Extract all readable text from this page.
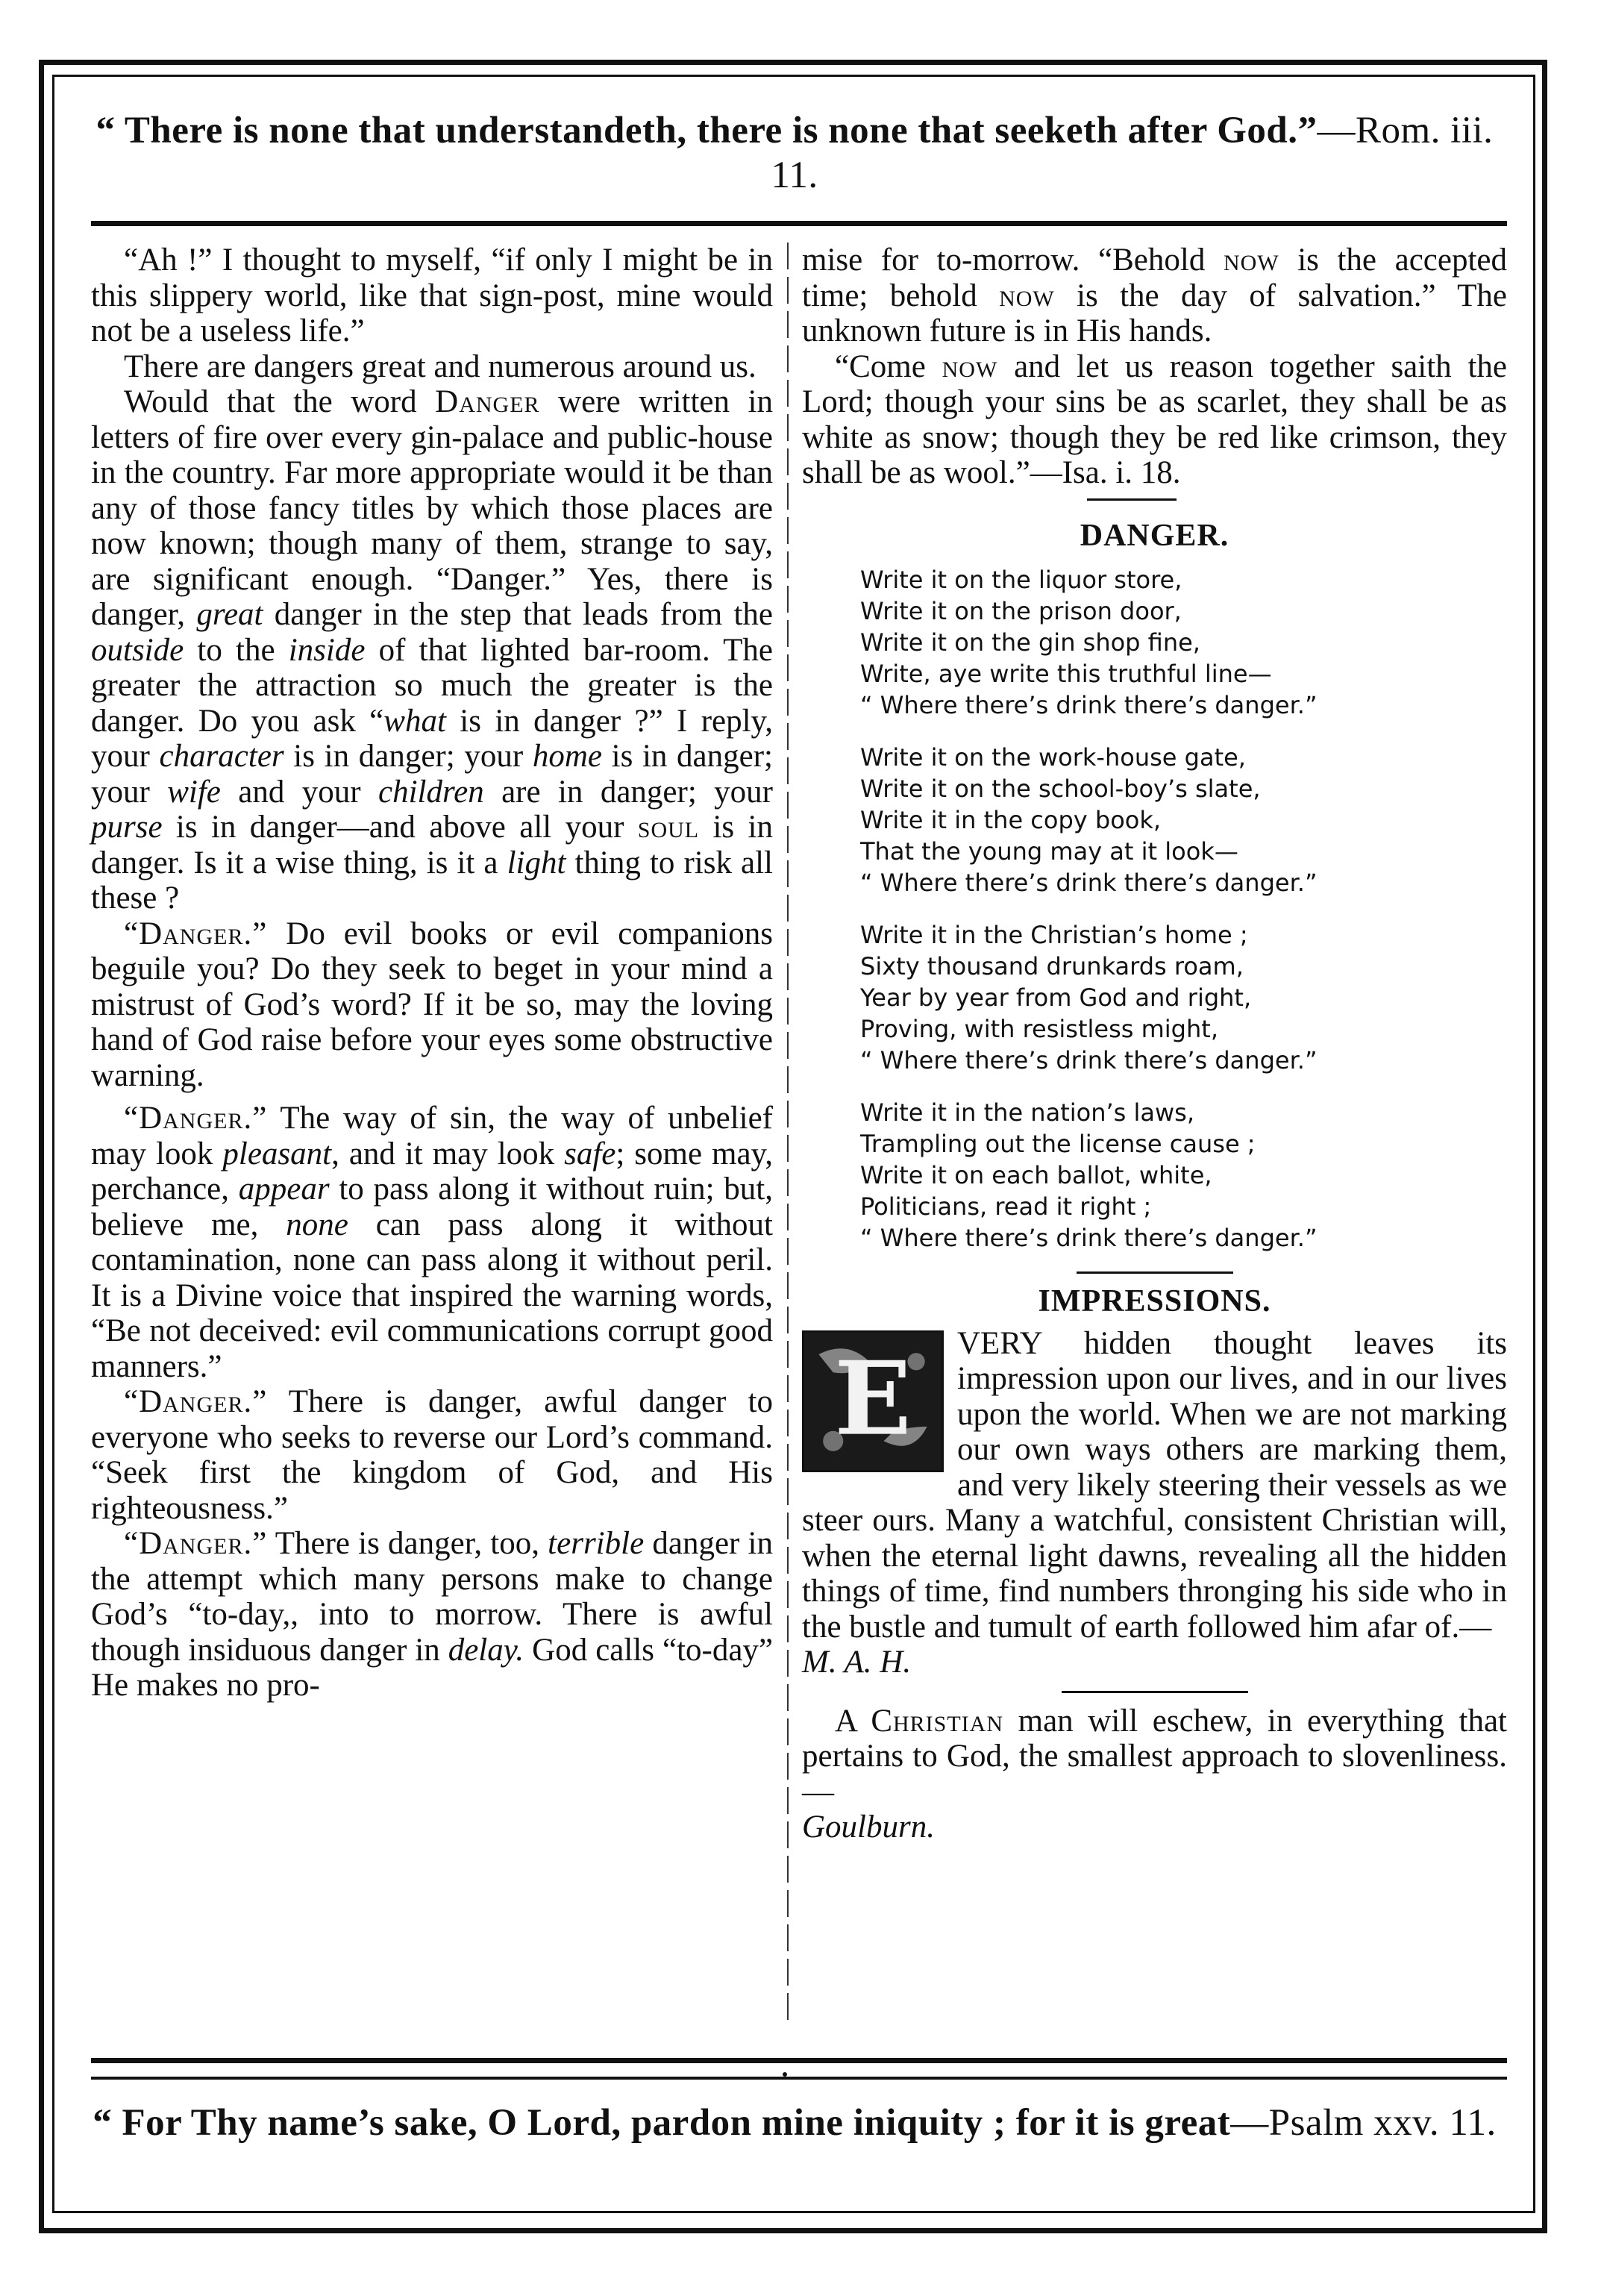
“ There is none that understandeth, there is none that seeketh after God.”—Rom. iii. 11.

“Ah !” I thought to myself, “if only I might be in this slippery world, like that sign-post, mine would not be a useless life.”

There are dangers great and numerous around us.

Would that the word Danger were written in letters of fire over every gin-palace and public-house in the country. Far more appropriate would it be than any of those fancy titles by which those places are now known; though many of them, strange to say, are significant enough. “Danger.” Yes, there is danger, great danger in the step that leads from the outside to the inside of that lighted bar-room. The greater the attraction so much the greater is the danger. Do you ask “what is in danger ?” I reply, your character is in danger; your home is in danger; your wife and your children are in danger; your purse is in danger—and above all your soul is in danger. Is it a wise thing, is it a light thing to risk all these ?

“Danger.” Do evil books or evil companions beguile you? Do they seek to beget in your mind a mistrust of God’s word? If it be so, may the loving hand of God raise before your eyes some obstructive warning.

“Danger.” The way of sin, the way of unbelief may look pleasant, and it may look safe; some may, perchance, appear to pass along it without ruin; but, believe me, none can pass along it without contamination, none can pass along it without peril. It is a Divine voice that inspired the warning words, “Be not deceived: evil communications corrupt good manners.”

“Danger.” There is danger, awful danger to everyone who seeks to reverse our Lord’s command. “Seek first the kingdom of God, and His righteousness.”

“Danger.” There is danger, too, terrible danger in the attempt which many persons make to change God’s “to-day,, into to morrow. There is awful though insiduous danger in delay. God calls “to-day” He makes no pro-

mise for to-morrow. “Behold now is the accepted time; behold now is the day of salvation.” The unknown future is in His hands.

“Come now and let us reason together saith the Lord; though your sins be as scarlet, they shall be as white as snow; though they be red like crimson, they shall be as wool.”—Isa. i. 18.

DANGER.
Write it on the liquor store,
Write it on the prison door,
Write it on the gin shop fine,
Write, aye write this truthful line—
“ Where there’s drink there’s danger.”
Write it on the work-house gate,
Write it on the school-boy’s slate,
Write it in the copy book,
That the young may at it look—
“ Where there’s drink there’s danger.”
Write it in the Christian’s home ;
Sixty thousand drunkards roam,
Year by year from God and right,
Proving, with resistless might,
“ Where there’s drink there’s danger.”
Write it in the nation’s laws,
Trampling out the license cause ;
Write it on each ballot, white,
Politicians, read it right ;
“ Where there’s drink there’s danger.”
IMPRESSIONS.

E VERY hidden thought leaves its impression upon our lives, and in our lives upon the world. When we are not marking our own ways others are marking them, and very likely steering their vessels as we steer ours. Many a watchful, consistent Christian will, when the eternal light dawns, revealing all the hidden things of time, find numbers thronging his side who in the bustle and tumult of earth followed him afar of.—
M. A. H.

A Christian man will eschew, in everything that pertains to God, the smallest approach to slovenliness.—
Goulburn.

“ For Thy name’s sake, O Lord, pardon mine iniquity ; for it is great—Psalm xxv. 11.
